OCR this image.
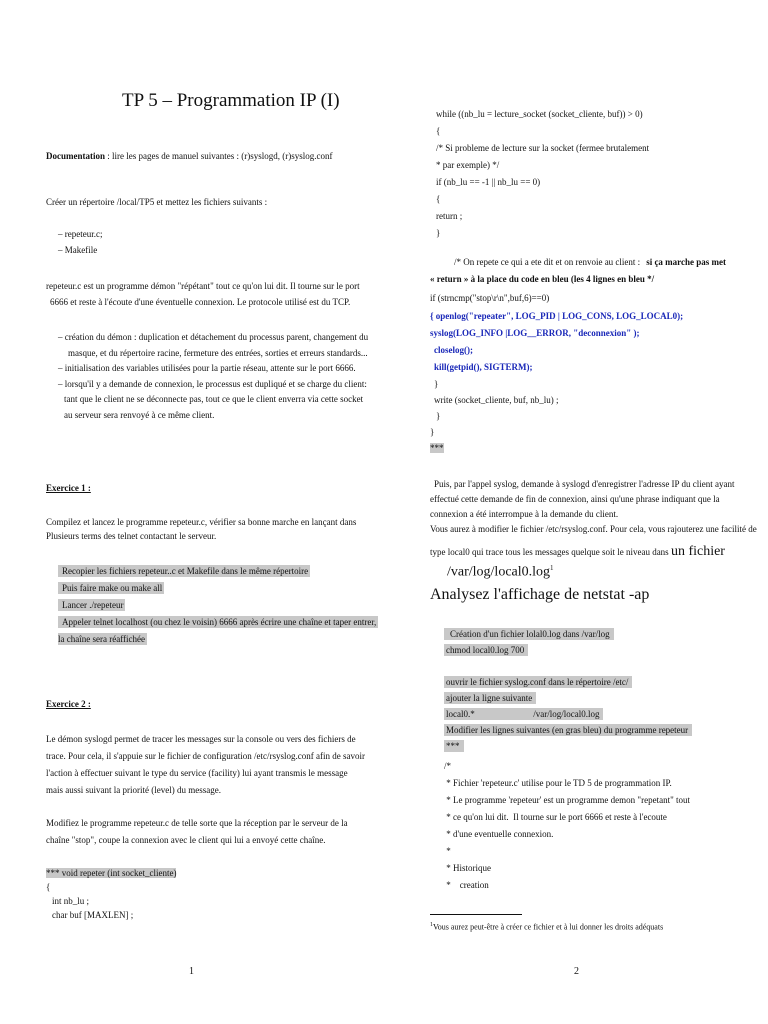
TP 5 – Programmation IP (I)
Documentation : lire les pages de manuel suivantes : (r)syslogd, (r)syslog.conf
Créer un répertoire /local/TP5 et mettez les fichiers suivants :
– repeteur.c;
– Makefile
repeteur.c est un programme démon "répétant" tout ce qu'on lui dit. Il tourne sur le port
6666 et reste à l'écoute d'une éventuelle connexion. Le protocole utilisé est du TCP.
– création du démon : duplication et détachement du processus parent, changement du
masque, et du répertoire racine, fermeture des entrées, sorties et erreurs standards...
– initialisation des variables utilisées pour la partie réseau, attente sur le port 6666.
– lorsqu'il y a demande de connexion, le processus est dupliqué et se charge du client:
tant que le client ne se déconnecte pas, tout ce que le client enverra via cette socket
au serveur sera renvoyé à ce même client.
Exercice 1 :
Compilez et lancez le programme repeteur.c, vérifier sa bonne marche en lançant dans
Plusieurs terms des telnet contactant le serveur.
Recopier les fichiers repeteur..c et Makefile dans le même répertoire
Puis faire make ou make all
Lancer ./repeteur
Appeler telnet localhost (ou chez le voisin) 6666 après écrire une chaîne et taper entrer,
la chaîne sera réaffichée
Exercice 2 :
Le démon syslogd permet de tracer les messages sur la console ou vers des fichiers de
trace. Pour cela, il s'appuie sur le fichier de configuration /etc/rsyslog.conf afin de savoir
l'action à effectuer suivant le type du service (facility) lui ayant transmis le message
mais aussi suivant la priorité (level) du message.
Modifiez le programme repeteur.c de telle sorte que la réception par le serveur de la
chaîne "stop", coupe la connexion avec le client qui lui a envoyé cette chaîne.
*** void repeter (int socket_cliente)
{
int nb_lu ;
char buf [MAXLEN] ;
1
while ((nb_lu = lecture_socket (socket_cliente, buf)) > 0)
{
/* Si probleme de lecture sur la socket (fermee brutalement
* par exemple) */
if (nb_lu == -1 || nb_lu == 0)
{
return ;
}
/* On repete ce qui a ete dit et on renvoie au client : si ça marche pas met
« return » à la place du code en bleu (les 4 lignes en bleu */
if (strncmp("stop\r\n",buf,6)==0)
{ openlog("repeater", LOG_PID | LOG_CONS, LOG_LOCAL0);
syslog(LOG_INFO |LOG__ERROR, "deconnexion" );
closelog();
kill(getpid(), SIGTERM);
}
write (socket_cliente, buf, nb_lu) ;
}
}
***
Puis, par l'appel syslog, demande à syslogd d'enregistrer l'adresse IP du client ayant
effectué cette demande de fin de connexion, ainsi qu'une phrase indiquant que la
connexion a été interrompue à la demande du client.
Vous aurez à modifier le fichier /etc/rsyslog.conf. Pour cela, vous rajouterez une facilité de
type local0 qui trace tous les messages quelque soit le niveau dans un fichier
$/var/\log/local0.\log^1$
Analysez l'affichage de netstat -ap
Création d'un fichier lolal0.log dans /var/log
chmod local0.log 700
ouvrir le fichier syslog.conf dans le répertoire /etc/
ajouter la ligne suivante
local0.*                          /var/log/local0.log
Modifier les lignes suivantes (en gras bleu) du programme repeteur
***
/*
* Fichier 'repeteur.c' utilise pour le TD 5 de programmation IP.
* Le programme 'repeteur' est un programme demon "repetant" tout
* ce qu'on lui dit.  Il tourne sur le port 6666 et reste à l'ecoute
* d'une eventuelle connexion.
*
* Historique
*    creation
$^1$Vous aurez peut-être à créer ce fichier et à lui donner les droits adéquats
2
